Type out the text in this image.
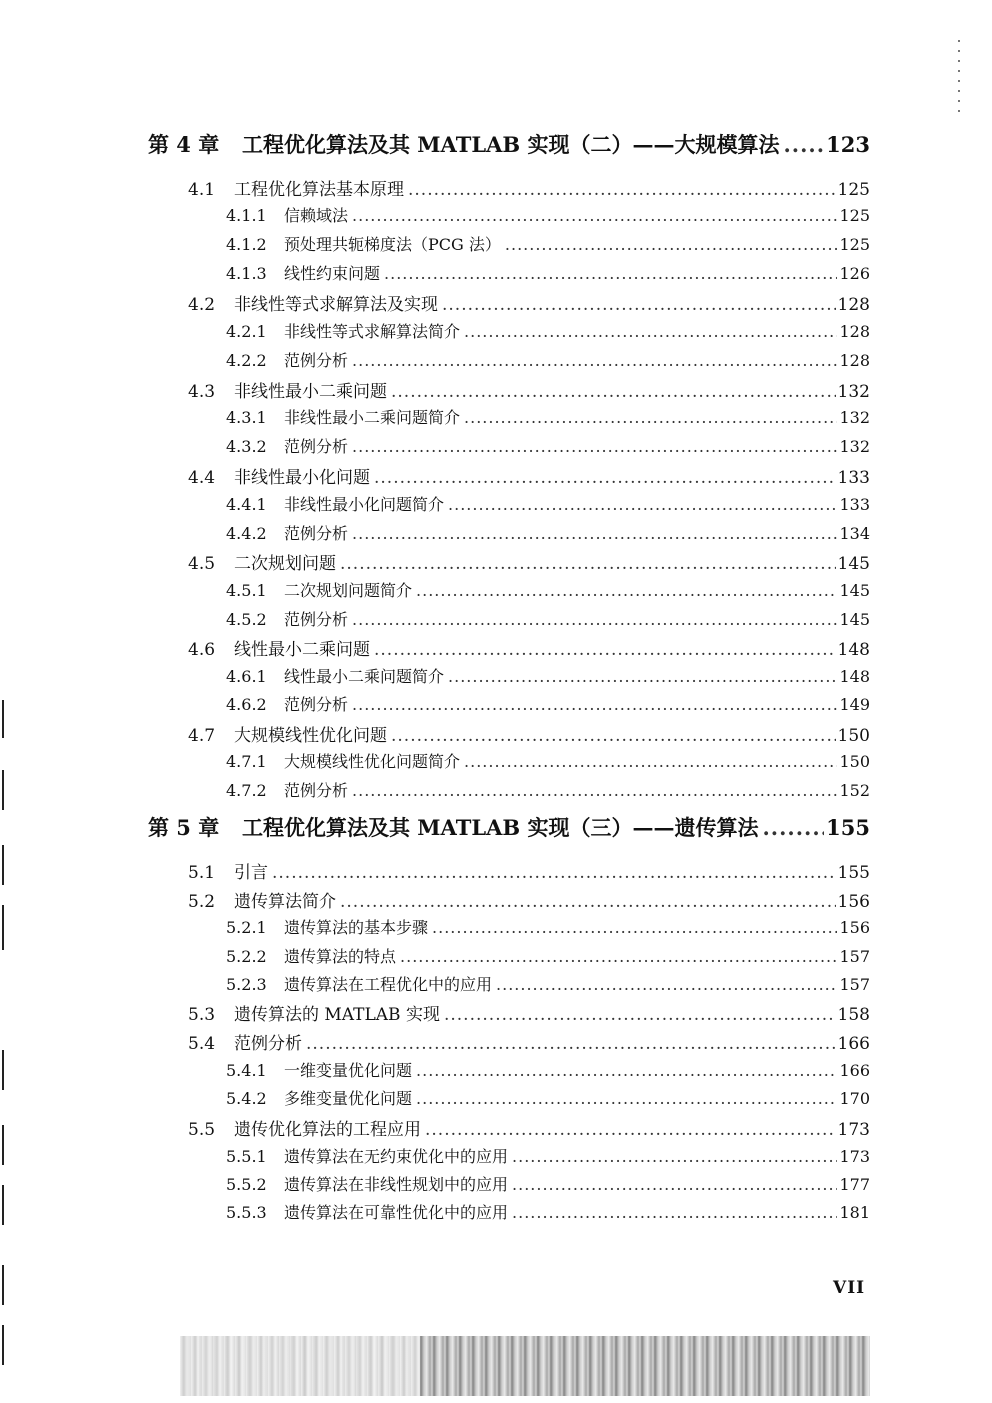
第 4 章	工程优化算法及其 MATLAB 实现（二）——大规模算法 ..... 123
4.1	工程优化算法基本原理 .....	125
4.1.1	信赖域法 .....	125
4.1.2	预处理共轭梯度法（PCG 法） .....	125
4.1.3	线性约束问题 .....	126
4.2	非线性等式求解算法及实现 .....	128
4.2.1	非线性等式求解算法简介 .....	128
4.2.2	范例分析 .....	128
4.3	非线性最小二乘问题 .....	132
4.3.1	非线性最小二乘问题简介 .....	132
4.3.2	范例分析 .....	132
4.4	非线性最小化问题 .....	133
4.4.1	非线性最小化问题简介 .....	133
4.4.2	范例分析 .....	134
4.5	二次规划问题 .....	145
4.5.1	二次规划问题简介 .....	145
4.5.2	范例分析 .....	145
4.6	线性最小二乘问题 .....	148
4.6.1	线性最小二乘问题简介 .....	148
4.6.2	范例分析 .....	149
4.7	大规模线性优化问题 .....	150
4.7.1	大规模线性优化问题简介 .....	150
4.7.2	范例分析 .....	152
第 5 章	工程优化算法及其 MATLAB 实现（三）——遗传算法 .....	155
5.1	引言 .....	155
5.2	遗传算法简介 .....	156
5.2.1	遗传算法的基本步骤 .....	156
5.2.2	遗传算法的特点 .....	157
5.2.3	遗传算法在工程优化中的应用 .....	157
5.3	遗传算法的 MATLAB 实现 .....	158
5.4	范例分析 .....	166
5.4.1	一维变量优化问题 .....	166
5.4.2	多维变量优化问题 .....	170
5.5	遗传优化算法的工程应用 .....	173
5.5.1	遗传算法在无约束优化中的应用 .....	173
5.5.2	遗传算法在非线性规划中的应用 .....	177
5.5.3	遗传算法在可靠性优化中的应用 .....	181
VII
